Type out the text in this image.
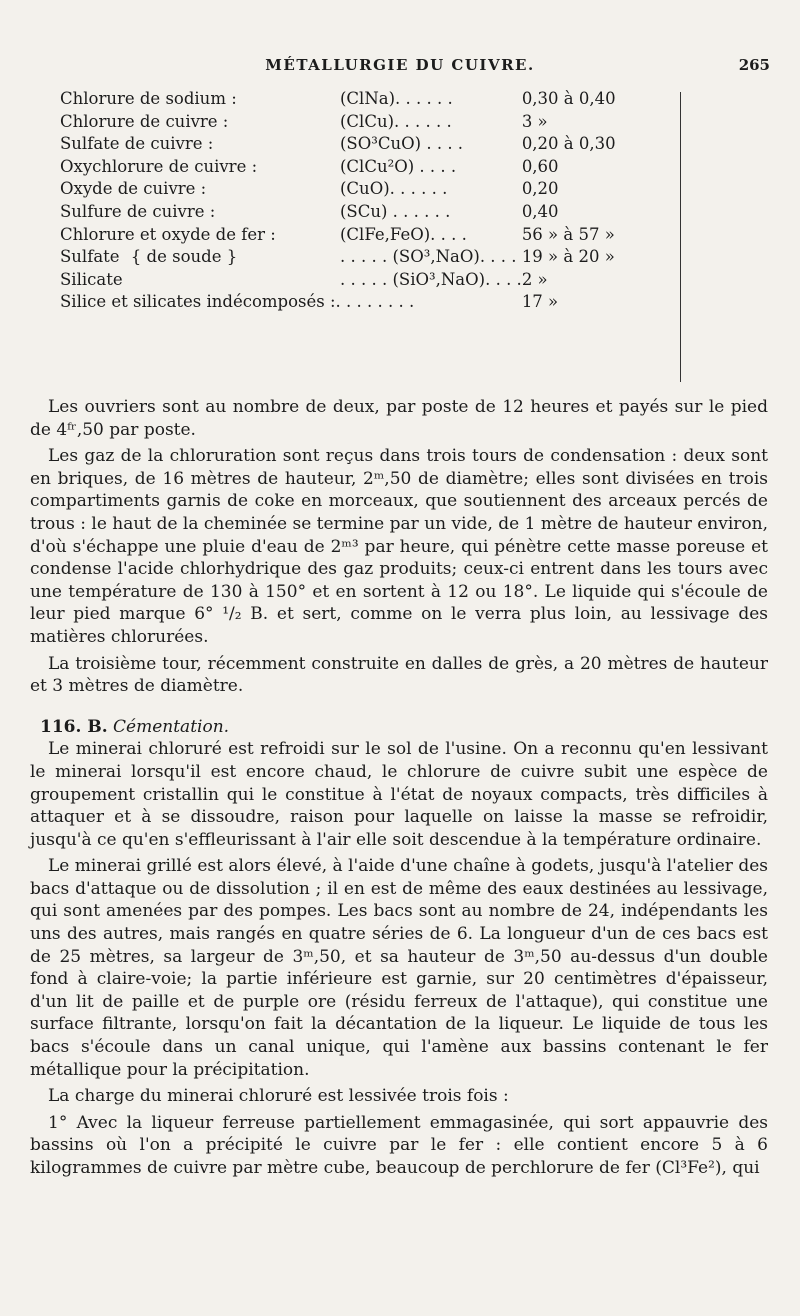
MÉTALLURGIE DU CUIVRE.	265
Chlorure de sodium :	(ClNa). . . . . .	0,30 à 0,40
Chlorure de cuivre :	(ClCu). . . . . .	3 »
Sulfate de cuivre :	(SO³CuO) . . . .	0,20 à 0,30
Oxychlorure de cuivre :	(ClCu²O) . . . .	0,60
Oxyde de cuivre :	(CuO). . . . . .	0,20
Sulfure de cuivre :	(SCu) . . . . . .	0,40
Chlorure et oxyde de fer :	(ClFe,FeO). . . .	56 » à 57 »
Sulfate { de soude }	. . . . . (SO³,NaO). . . .	19 » à 20 »
Silicate	. . . . . (SiO³,NaO). . . .	2 »
Silice et silicates indécomposés :. . . . . . . .		17 »

Les ouvriers sont au nombre de deux, par poste de 12 heures et payés sur le pied de 4ᶠʳ,50 par poste.

Les gaz de la chloruration sont reçus dans trois tours de condensation : deux sont en briques, de 16 mètres de hauteur, 2ᵐ,50 de diamètre; elles sont divisées en trois compartiments garnis de coke en morceaux, que soutiennent des arceaux percés de trous : le haut de la cheminée se termine par un vide, de 1 mètre de hauteur environ, d'où s'échappe une pluie d'eau de 2ᵐ³ par heure, qui pénètre cette masse poreuse et condense l'acide chlorhydrique des gaz produits; ceux-ci entrent dans les tours avec une température de 130 à 150° et en sortent à 12 ou 18°. Le liquide qui s'écoule de leur pied marque 6° ¹/₂ B. et sert, comme on le verra plus loin, au lessivage des matières chlorurées.

La troisième tour, récemment construite en dalles de grès, a 20 mètres de hauteur et 3 mètres de diamètre.

116. B. Cémentation.

Le minerai chloruré est refroidi sur le sol de l'usine. On a reconnu qu'en lessivant le minerai lorsqu'il est encore chaud, le chlorure de cuivre subit une espèce de groupement cristallin qui le constitue à l'état de noyaux compacts, très difficiles à attaquer et à se dissoudre, raison pour laquelle on laisse la masse se refroidir, jusqu'à ce qu'en s'effleurissant à l'air elle soit descendue à la température ordinaire.

Le minerai grillé est alors élevé, à l'aide d'une chaîne à godets, jusqu'à l'atelier des bacs d'attaque ou de dissolution ; il en est de même des eaux destinées au lessivage, qui sont amenées par des pompes. Les bacs sont au nombre de 24, indépendants les uns des autres, mais rangés en quatre séries de 6. La longueur d'un de ces bacs est de 25 mètres, sa largeur de 3ᵐ,50, et sa hauteur de 3ᵐ,50 au-dessus d'un double fond à claire-voie; la partie inférieure est garnie, sur 20 centimètres d'épaisseur, d'un lit de paille et de purple ore (résidu ferreux de l'attaque), qui constitue une surface filtrante, lorsqu'on fait la décantation de la liqueur. Le liquide de tous les bacs s'écoule dans un canal unique, qui l'amène aux bassins contenant le fer métallique pour la précipitation.

La charge du minerai chloruré est lessivée trois fois :

1° Avec la liqueur ferreuse partiellement emmagasinée, qui sort appauvrie des bassins où l'on a précipité le cuivre par le fer : elle contient encore 5 à 6 kilogrammes de cuivre par mètre cube, beaucoup de perchlorure de fer (Cl³Fe²), qui
